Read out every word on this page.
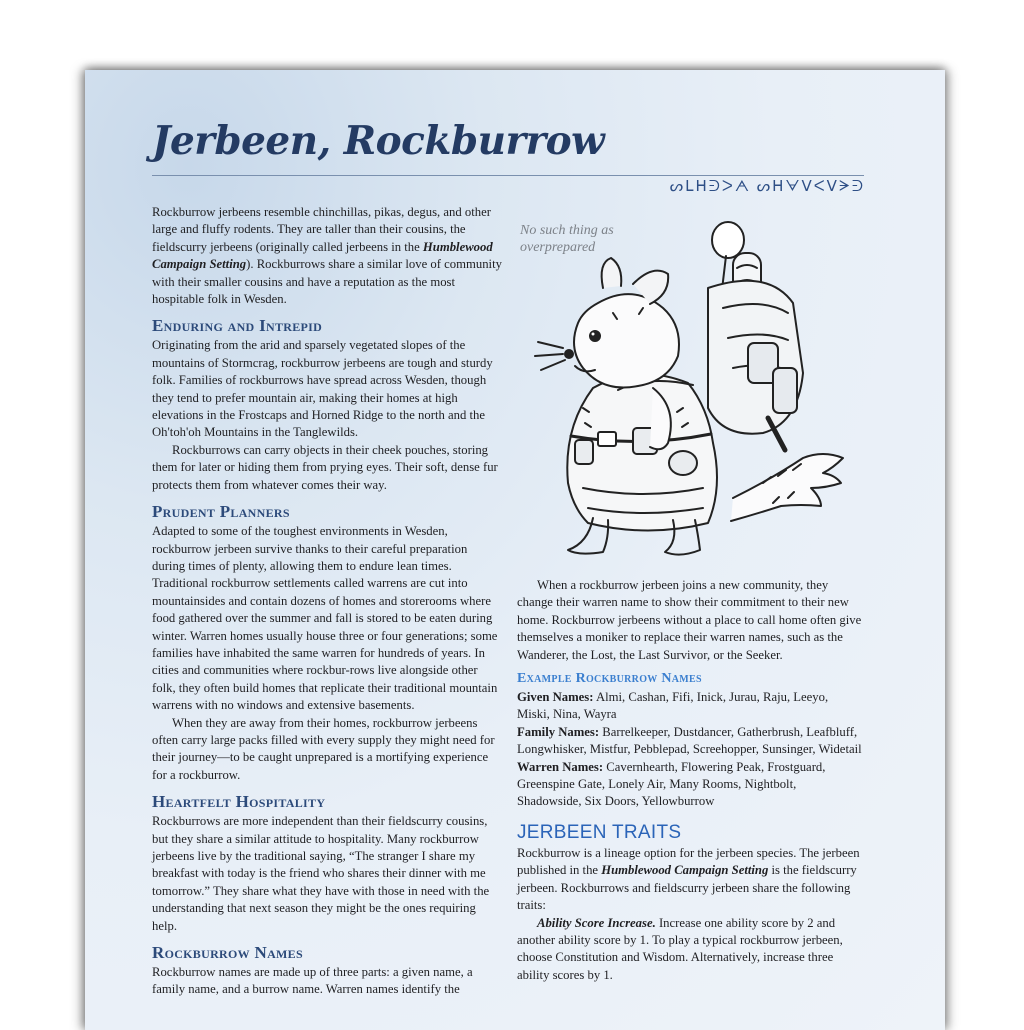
Jerbeen, Rockburrow
ᔕᒪᕼᕭᐳᗅ ᔕᕼᗄᐯᐸᐯᗒᕭ

Rockburrow jerbeens resemble chinchillas, pikas, degus, and other large and fluffy rodents. They are taller than their cousins, the fieldscurry jerbeens (originally called jerbeens in the Humblewood Campaign Setting). Rockburrows share a similar love of community with their smaller cousins and have a reputation as the most hospitable folk in Wesden.

Enduring and Intrepid

Originating from the arid and sparsely vegetated slopes of the mountains of Stormcrag, rockburrow jerbeens are tough and sturdy folk. Families of rockburrows have spread across Wesden, though they tend to prefer mountain air, making their homes at high elevations in the Frostcaps and Horned Ridge to the north and the Oh'toh'oh Mountains in the Tanglewilds.

Rockburrows can carry objects in their cheek pouches, storing them for later or hiding them from prying eyes. Their soft, dense fur protects them from whatever comes their way.

Prudent Planners

Adapted to some of the toughest environments in Wesden, rockburrow jerbeen survive thanks to their careful preparation during times of plenty, allowing them to endure lean times. Traditional rockburrow settlements called warrens are cut into mountainsides and contain dozens of homes and storerooms where food gathered over the summer and fall is stored to be eaten during winter. Warren homes usually house three or four generations; some families have inhabited the same warren for hundreds of years. In cities and communities where rockbur-rows live alongside other folk, they often build homes that replicate their traditional mountain warrens with no windows and extensive basements.

When they are away from their homes, rockburrow jerbeens often carry large packs filled with every supply they might need for their journey—to be caught unprepared is a mortifying experience for a rockburrow.

Heartfelt Hospitality

Rockburrows are more independent than their fieldscurry cousins, but they share a similar attitude to hospitality. Many rockburrow jerbeens live by the traditional saying, “The stranger I share my breakfast with today is the friend who shares their dinner with me tomorrow.” They share what they have with those in need with the understanding that next season they might be the ones requiring help.

Rockburrow Names

Rockburrow names are made up of three parts: a given name, a family name, and a burrow name. Warren names identify the

No such thing as overprepared

When a rockburrow jerbeen joins a new community, they change their warren name to show their commitment to their new home. Rockburrow jerbeens without a place to call home often give themselves a moniker to replace their warren names, such as the Wanderer, the Lost, the Last Survivor, or the Seeker.

Example Rockburrow Names

Given Names: Almi, Cashan, Fifi, Inick, Jurau, Raju, Leeyo, Miski, Nina, Wayra

Family Names: Barrelkeeper, Dustdancer, Gatherbrush, Leafbluff, Longwhisker, Mistfur, Pebblepad, Screehopper, Sunsinger, Widetail

Warren Names: Cavernhearth, Flowering Peak, Frostguard, Greenspine Gate, Lonely Air, Many Rooms, Nightbolt, Shadowside, Six Doors, Yellowburrow

JERBEEN TRAITS

Rockburrow is a lineage option for the jerbeen species. The jerbeen published in the Humblewood Campaign Setting is the fieldscurry jerbeen. Rockburrows and fieldscurry jerbeen share the following traits:

Ability Score Increase. Increase one ability score by 2 and another ability score by 1. To play a typical rockburrow jerbeen, choose Constitution and Wisdom. Alternatively, increase three ability scores by 1.
